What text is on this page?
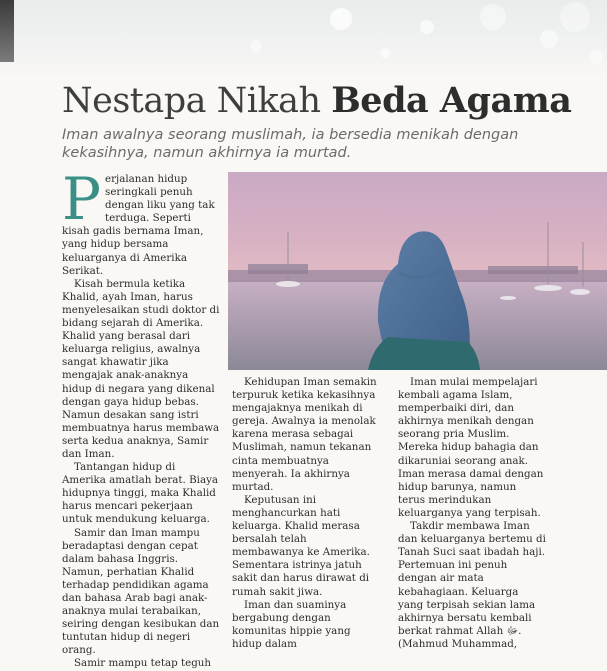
Nestapa Nikah Beda Agama
Iman awalnya seorang muslimah, ia bersedia menikah dengan kekasihnya, namun akhirnya ia murtad.

P erjalanan hidup seringkali penuh dengan liku yang tak terduga. Seperti kisah gadis bernama Iman, yang hidup bersama keluarganya di Amerika Serikat.

Kisah bermula ketika Khalid, ayah Iman, harus menyelesaikan studi doktor di bidang sejarah di Amerika. Khalid yang berasal dari keluarga religius, awalnya sangat khawatir jika mengajak anak-anaknya hidup di negara yang dikenal dengan gaya hidup bebas. Namun desakan sang istri membuatnya harus membawa serta kedua anaknya, Samir dan Iman.

Tantangan hidup di Amerika amatlah berat. Biaya hidupnya tinggi, maka Khalid harus mencari pekerjaan untuk mendukung keluarga.

Samir dan Iman mampu beradaptasi dengan cepat dalam bahasa Inggris. Namun, perhatian Khalid terhadap pendidikan agama dan bahasa Arab bagi anak-anaknya mulai terabaikan, seiring dengan kesibukan dan tuntutan hidup di negeri orang.

Samir mampu tetap teguh

Kehidupan Iman semakin terpuruk ketika kekasihnya mengajaknya menikah di gereja. Awalnya ia menolak karena merasa sebagai Muslimah, namun tekanan cinta membuatnya menyerah. Ia akhirnya murtad.

Keputusan ini menghancurkan hati keluarga. Khalid merasa bersalah telah membawanya ke Amerika. Sementara istrinya jatuh sakit dan harus dirawat di rumah sakit jiwa.

Iman dan suaminya bergabung dengan komunitas hippie yang hidup dalam

Iman mulai mempelajari kembali agama Islam, memperbaiki diri, dan akhirnya menikah dengan seorang pria Muslim. Mereka hidup bahagia dan dikaruniai seorang anak. Iman merasa damai dengan hidup barunya, namun terus merindukan keluarganya yang terpisah.

Takdir membawa Iman dan keluarganya bertemu di Tanah Suci saat ibadah haji. Pertemuan ini penuh dengan air mata kebahagiaan. Keluarga yang terpisah sekian lama akhirnya bersatu kembali berkat rahmat Allah ﷻ. (Mahmud Muhammad,
